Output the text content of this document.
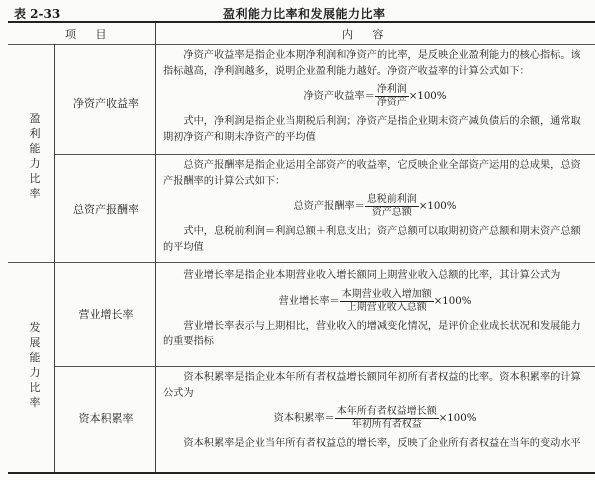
表 2-33	盈利能力比率和发展能力比率
项 目	内 容
盈
利
能
力
比
率
发
展
能
力
比
率
净资产收益率
总资产报酬率
营业增长率
资本积累率

净资产收益率是指企业本期净利润和净资产的比率，是反映企业盈利能力的核心指标。该指标越高，净利润越多，说明企业盈利能力越好。净资产收益率的计算公式如下：

净资产收益率＝ $\frac{\text{净利润}}{\text{净资产}} \times 100\%$

式中，净利润是指企业当期税后利润；净资产是指企业期末资产减负债后的余额，通常取期初净资产和期末净资产的平均值

总资产报酬率是指企业运用全部资产的收益率，它反映企业全部资产运用的总成果，总资产报酬率的计算公式如下：

总资产报酬率＝ $\frac{\text{息税前利润}}{\text{资产总额}} \times 100\%$

式中，息税前利润＝利润总额＋利息支出；资产总额可以取期初资产总额和期末资产总额的平均值

营业增长率是指企业本期营业收入增长额同上期营业收入总额的比率，其计算公式为

营业增长率＝ $\frac{\text{本期营业收入增加额}}{\text{上期营业收入总额}} \times 100\%$

营业增长率表示与上期相比，营业收入的增减变化情况，是评价企业成长状况和发展能力的重要指标

资本积累率是指企业本年所有者权益增长额同年初所有者权益的比率。资本积累率的计算公式为

资本积累率＝ $\frac{\text{本年所有者权益增长额}}{\text{年初所有者权益}} \times 100\%$

资本积累率是企业当年所有者权益总的增长率，反映了企业所有者权益在当年的变动水平
